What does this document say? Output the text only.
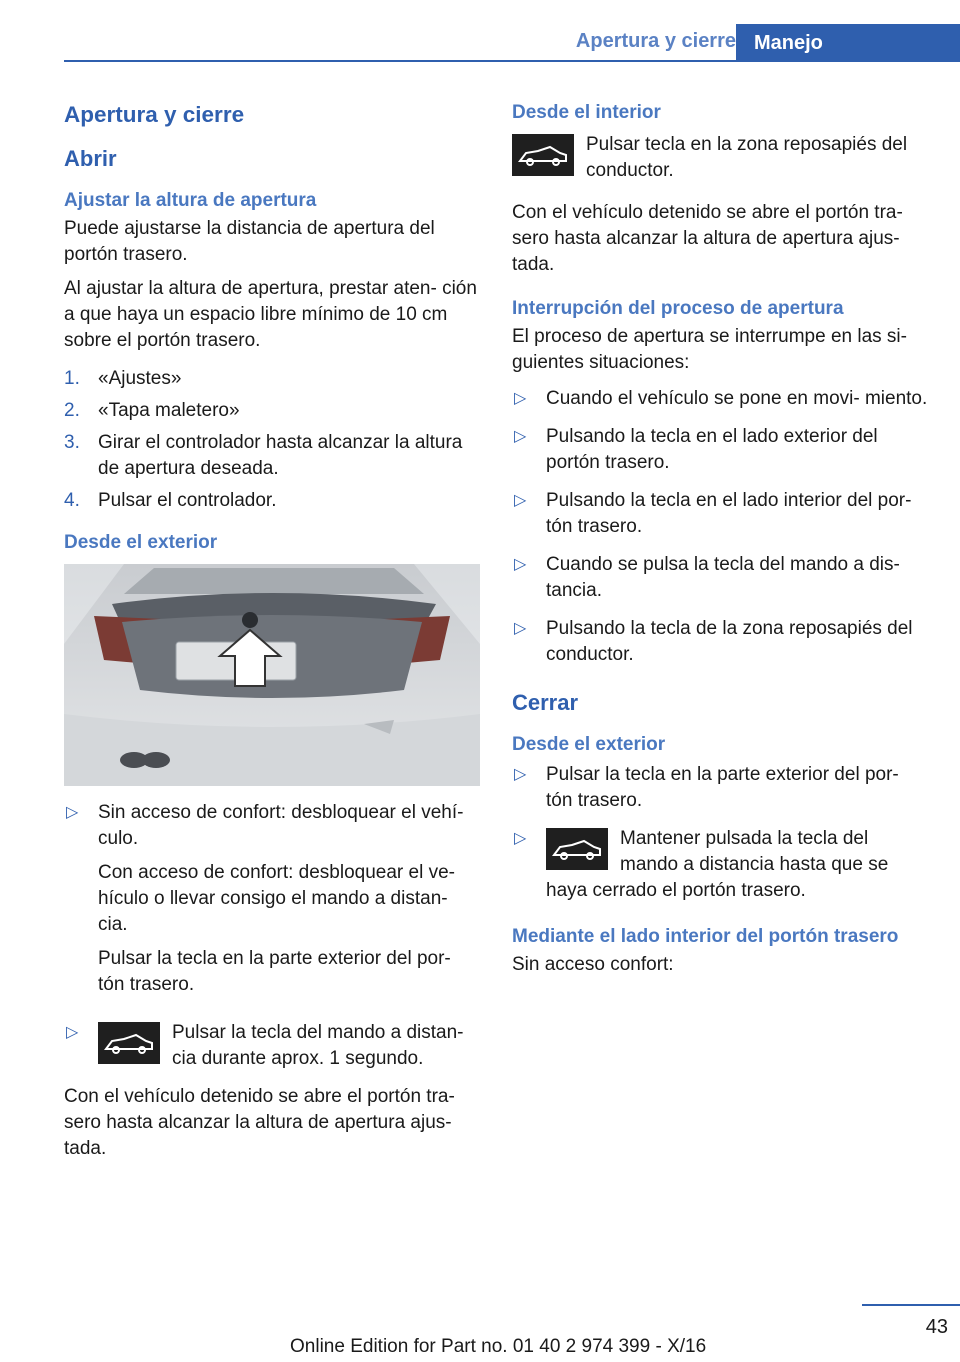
Apertura y cierre Manejo
Apertura y cierre
Abrir
Ajustar la altura de apertura

Puede ajustarse la distancia de apertura del portón trasero.

Al ajustar la altura de apertura, prestar aten‐ ción a que haya un espacio libre mínimo de 10 cm sobre el portón trasero.

1. «Ajustes»
2. «Tapa maletero»
3. Girar el controlador hasta alcanzar la altura de apertura deseada.
4. Pulsar el controlador.
Desde el exterior
▷ Sin acceso de confort: desbloquear el vehí‐ culo.
Con acceso de confort: desbloquear el ve‐ hículo o llevar consigo el mando a distan‐ cia.
Pulsar la tecla en la parte exterior del por‐ tón trasero.
▷	Pulsar la tecla del mando a distan‐ cia durante aprox. 1 segundo.

Con el vehículo detenido se abre el portón tra‐ sero hasta alcanzar la altura de apertura ajus‐ tada.

Desde el interior
Pulsar tecla en la zona reposapiés del conductor.

Con el vehículo detenido se abre el portón tra‐ sero hasta alcanzar la altura de apertura ajus‐ tada.

Interrupción del proceso de apertura

El proceso de apertura se interrumpe en las si‐ guientes situaciones:

▷ Cuando el vehículo se pone en movi‐ miento.
▷ Pulsando la tecla en el lado exterior del portón trasero.
▷ Pulsando la tecla en el lado interior del por‐ tón trasero.
▷ Cuando se pulsa la tecla del mando a dis‐ tancia.
▷ Pulsando la tecla de la zona reposapiés del conductor.
Cerrar
Desde el exterior
▷ Pulsar la tecla en la parte exterior del por‐ tón trasero.
▷	Mantener pulsada la tecla del mando a distancia hasta que se
haya cerrado el portón trasero.
Mediante el lado interior del portón trasero

Sin acceso confort:

43
Online Edition for Part no. 01 40 2 974 399 - X/16
